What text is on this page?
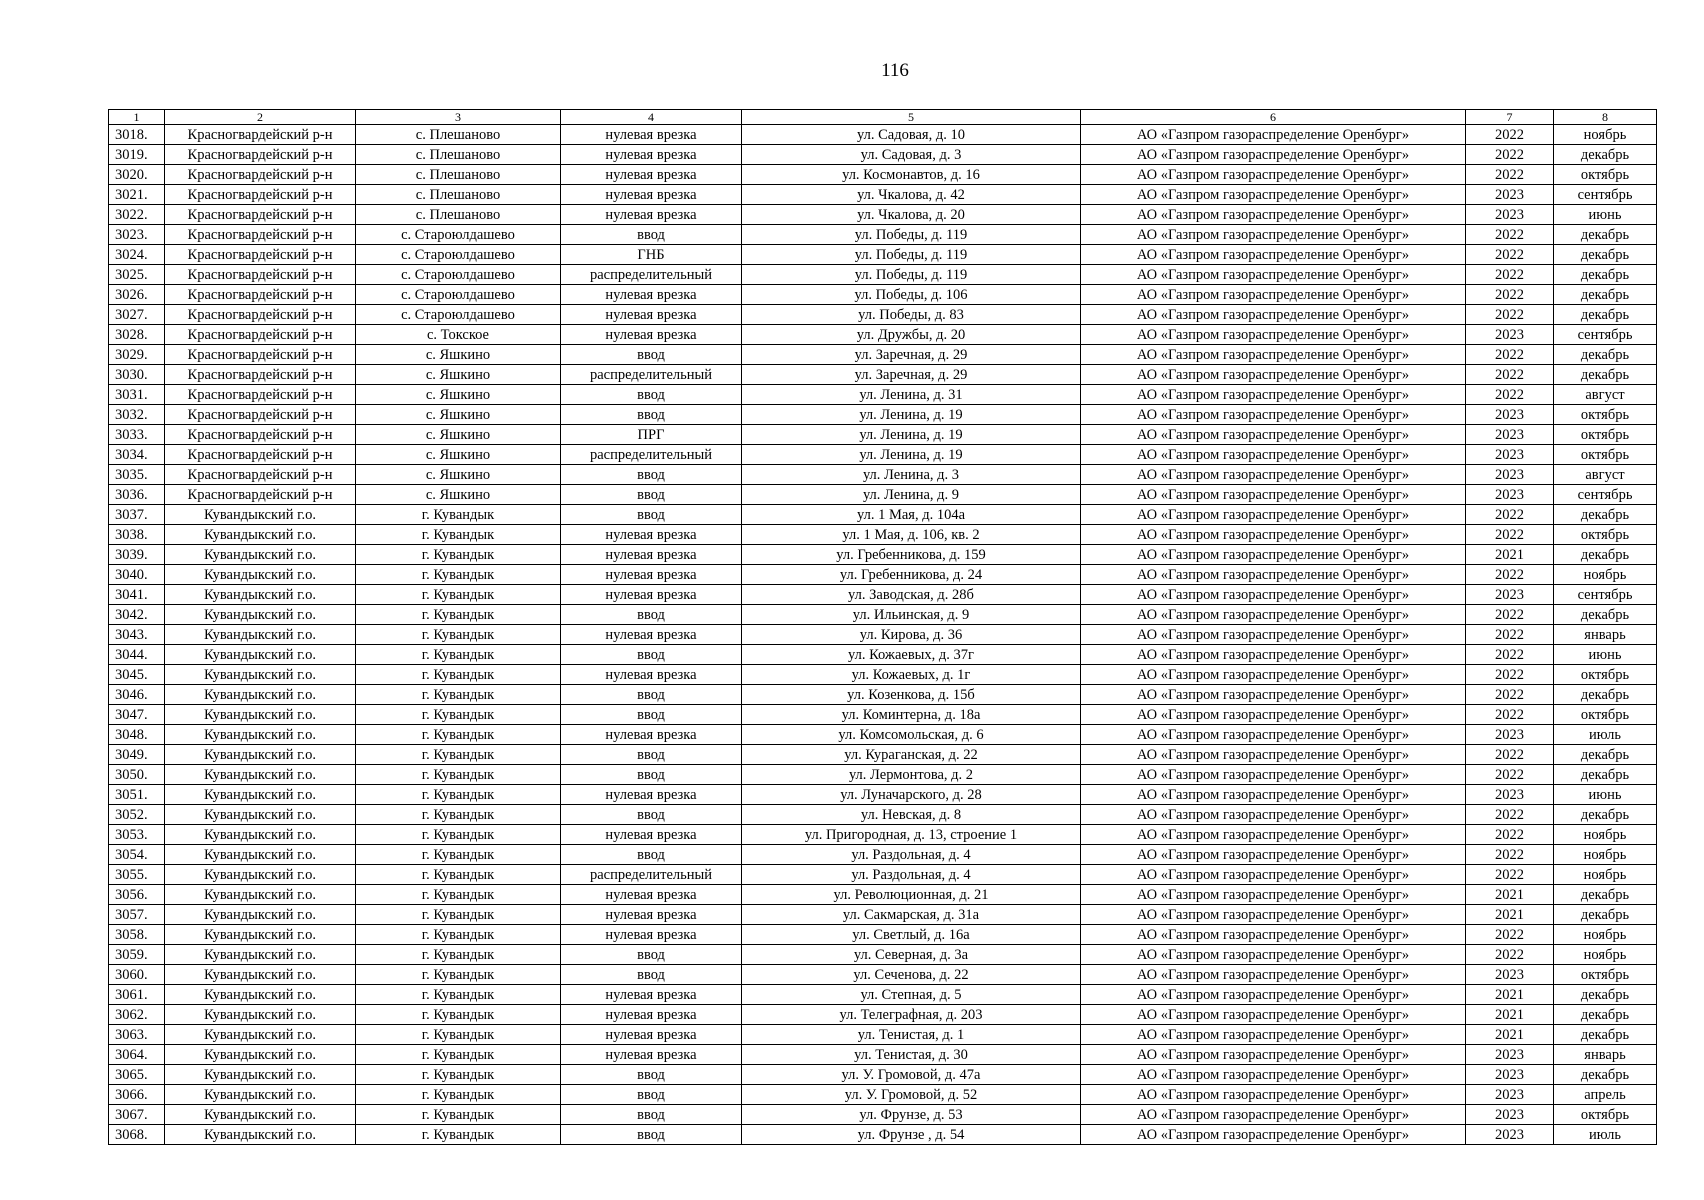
116
1	2	3	4	5	6	7	8
3018.	Красногвардейский р-н	с. Плешаново	нулевая врезка	ул. Садовая, д. 10	АО «Газпром газораспределение Оренбург»	2022	ноябрь
3019.	Красногвардейский р-н	с. Плешаново	нулевая врезка	ул. Садовая, д. 3	АО «Газпром газораспределение Оренбург»	2022	декабрь
3020.	Красногвардейский р-н	с. Плешаново	нулевая врезка	ул. Космонавтов, д. 16	АО «Газпром газораспределение Оренбург»	2022	октябрь
3021.	Красногвардейский р-н	с. Плешаново	нулевая врезка	ул. Чкалова, д. 42	АО «Газпром газораспределение Оренбург»	2023	сентябрь
3022.	Красногвардейский р-н	с. Плешаново	нулевая врезка	ул. Чкалова, д. 20	АО «Газпром газораспределение Оренбург»	2023	июнь
3023.	Красногвардейский р-н	с. Староюлдашево	ввод	ул. Победы, д. 119	АО «Газпром газораспределение Оренбург»	2022	декабрь
3024.	Красногвардейский р-н	с. Староюлдашево	ГНБ	ул. Победы, д. 119	АО «Газпром газораспределение Оренбург»	2022	декабрь
3025.	Красногвардейский р-н	с. Староюлдашево	распределительный	ул. Победы, д. 119	АО «Газпром газораспределение Оренбург»	2022	декабрь
3026.	Красногвардейский р-н	с. Староюлдашево	нулевая врезка	ул. Победы, д. 106	АО «Газпром газораспределение Оренбург»	2022	декабрь
3027.	Красногвардейский р-н	с. Староюлдашево	нулевая врезка	ул. Победы, д. 83	АО «Газпром газораспределение Оренбург»	2022	декабрь
3028.	Красногвардейский р-н	с. Токское	нулевая врезка	ул. Дружбы, д. 20	АО «Газпром газораспределение Оренбург»	2023	сентябрь
3029.	Красногвардейский р-н	с. Яшкино	ввод	ул. Заречная, д. 29	АО «Газпром газораспределение Оренбург»	2022	декабрь
3030.	Красногвардейский р-н	с. Яшкино	распределительный	ул. Заречная, д. 29	АО «Газпром газораспределение Оренбург»	2022	декабрь
3031.	Красногвардейский р-н	с. Яшкино	ввод	ул. Ленина, д. 31	АО «Газпром газораспределение Оренбург»	2022	август
3032.	Красногвардейский р-н	с. Яшкино	ввод	ул. Ленина, д. 19	АО «Газпром газораспределение Оренбург»	2023	октябрь
3033.	Красногвардейский р-н	с. Яшкино	ПРГ	ул. Ленина, д. 19	АО «Газпром газораспределение Оренбург»	2023	октябрь
3034.	Красногвардейский р-н	с. Яшкино	распределительный	ул. Ленина, д. 19	АО «Газпром газораспределение Оренбург»	2023	октябрь
3035.	Красногвардейский р-н	с. Яшкино	ввод	ул. Ленина, д. 3	АО «Газпром газораспределение Оренбург»	2023	август
3036.	Красногвардейский р-н	с. Яшкино	ввод	ул. Ленина, д. 9	АО «Газпром газораспределение Оренбург»	2023	сентябрь
3037.	Кувандыкский г.о.	г. Кувандык	ввод	ул. 1 Мая, д. 104а	АО «Газпром газораспределение Оренбург»	2022	декабрь
3038.	Кувандыкский г.о.	г. Кувандык	нулевая врезка	ул. 1 Мая, д. 106, кв. 2	АО «Газпром газораспределение Оренбург»	2022	октябрь
3039.	Кувандыкский г.о.	г. Кувандык	нулевая врезка	ул. Гребенникова, д. 159	АО «Газпром газораспределение Оренбург»	2021	декабрь
3040.	Кувандыкский г.о.	г. Кувандык	нулевая врезка	ул. Гребенникова, д. 24	АО «Газпром газораспределение Оренбург»	2022	ноябрь
3041.	Кувандыкский г.о.	г. Кувандык	нулевая врезка	ул. Заводская, д. 28б	АО «Газпром газораспределение Оренбург»	2023	сентябрь
3042.	Кувандыкский г.о.	г. Кувандык	ввод	ул. Ильинская, д. 9	АО «Газпром газораспределение Оренбург»	2022	декабрь
3043.	Кувандыкский г.о.	г. Кувандык	нулевая врезка	ул. Кирова, д. 36	АО «Газпром газораспределение Оренбург»	2022	январь
3044.	Кувандыкский г.о.	г. Кувандык	ввод	ул. Кожаевых, д. 37г	АО «Газпром газораспределение Оренбург»	2022	июнь
3045.	Кувандыкский г.о.	г. Кувандык	нулевая врезка	ул. Кожаевых, д. 1г	АО «Газпром газораспределение Оренбург»	2022	октябрь
3046.	Кувандыкский г.о.	г. Кувандык	ввод	ул. Козенкова, д. 15б	АО «Газпром газораспределение Оренбург»	2022	декабрь
3047.	Кувандыкский г.о.	г. Кувандык	ввод	ул. Коминтерна, д. 18а	АО «Газпром газораспределение Оренбург»	2022	октябрь
3048.	Кувандыкский г.о.	г. Кувандык	нулевая врезка	ул. Комсомольская, д. 6	АО «Газпром газораспределение Оренбург»	2023	июль
3049.	Кувандыкский г.о.	г. Кувандык	ввод	ул. Кураганская, д. 22	АО «Газпром газораспределение Оренбург»	2022	декабрь
3050.	Кувандыкский г.о.	г. Кувандык	ввод	ул. Лермонтова, д. 2	АО «Газпром газораспределение Оренбург»	2022	декабрь
3051.	Кувандыкский г.о.	г. Кувандык	нулевая врезка	ул. Луначарского, д. 28	АО «Газпром газораспределение Оренбург»	2023	июнь
3052.	Кувандыкский г.о.	г. Кувандык	ввод	ул. Невская, д. 8	АО «Газпром газораспределение Оренбург»	2022	декабрь
3053.	Кувандыкский г.о.	г. Кувандык	нулевая врезка	ул. Пригородная, д. 13, строение 1	АО «Газпром газораспределение Оренбург»	2022	ноябрь
3054.	Кувандыкский г.о.	г. Кувандык	ввод	ул. Раздольная, д. 4	АО «Газпром газораспределение Оренбург»	2022	ноябрь
3055.	Кувандыкский г.о.	г. Кувандык	распределительный	ул. Раздольная, д. 4	АО «Газпром газораспределение Оренбург»	2022	ноябрь
3056.	Кувандыкский г.о.	г. Кувандык	нулевая врезка	ул. Революционная, д. 21	АО «Газпром газораспределение Оренбург»	2021	декабрь
3057.	Кувандыкский г.о.	г. Кувандык	нулевая врезка	ул. Сакмарская, д. 31а	АО «Газпром газораспределение Оренбург»	2021	декабрь
3058.	Кувандыкский г.о.	г. Кувандык	нулевая врезка	ул. Светлый, д. 16а	АО «Газпром газораспределение Оренбург»	2022	ноябрь
3059.	Кувандыкский г.о.	г. Кувандык	ввод	ул. Северная, д. 3а	АО «Газпром газораспределение Оренбург»	2022	ноябрь
3060.	Кувандыкский г.о.	г. Кувандык	ввод	ул. Сеченова, д. 22	АО «Газпром газораспределение Оренбург»	2023	октябрь
3061.	Кувандыкский г.о.	г. Кувандык	нулевая врезка	ул. Степная, д. 5	АО «Газпром газораспределение Оренбург»	2021	декабрь
3062.	Кувандыкский г.о.	г. Кувандык	нулевая врезка	ул. Телеграфная, д. 203	АО «Газпром газораспределение Оренбург»	2021	декабрь
3063.	Кувандыкский г.о.	г. Кувандык	нулевая врезка	ул. Тенистая, д. 1	АО «Газпром газораспределение Оренбург»	2021	декабрь
3064.	Кувандыкский г.о.	г. Кувандык	нулевая врезка	ул. Тенистая, д. 30	АО «Газпром газораспределение Оренбург»	2023	январь
3065.	Кувандыкский г.о.	г. Кувандык	ввод	ул. У. Громовой, д. 47а	АО «Газпром газораспределение Оренбург»	2023	декабрь
3066.	Кувандыкский г.о.	г. Кувандык	ввод	ул. У. Громовой, д. 52	АО «Газпром газораспределение Оренбург»	2023	апрель
3067.	Кувандыкский г.о.	г. Кувандык	ввод	ул. Фрунзе, д. 53	АО «Газпром газораспределение Оренбург»	2023	октябрь
3068.	Кувандыкский г.о.	г. Кувандык	ввод	ул. Фрунзе , д. 54	АО «Газпром газораспределение Оренбург»	2023	июль
